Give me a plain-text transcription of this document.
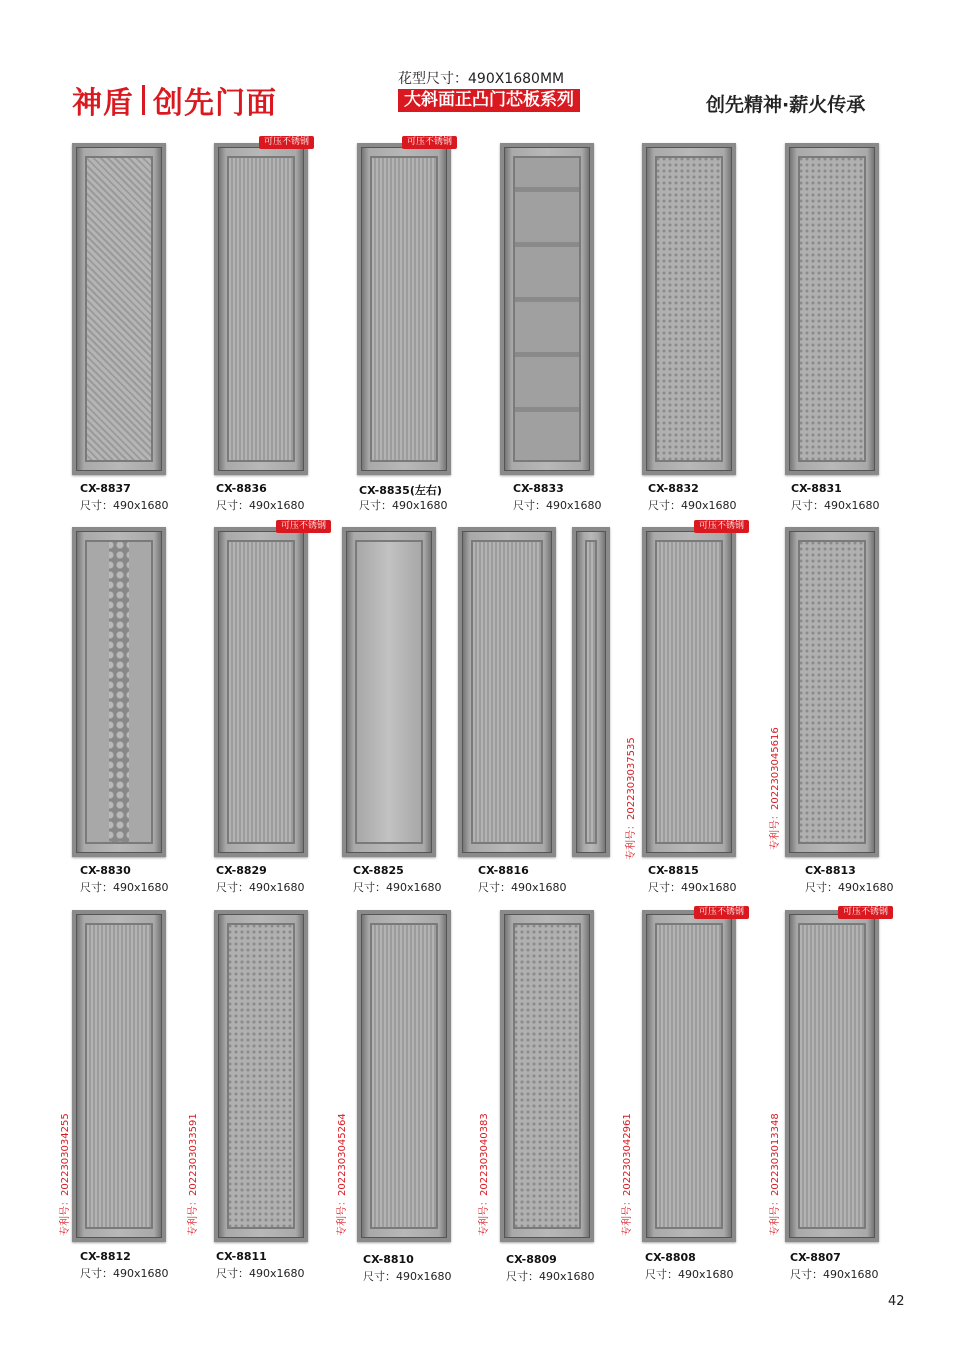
神盾 创先门面
花型尺寸：490X1680MM
大斜面正凸门芯板系列	创先精神·薪火传承
CX-8837
尺寸：490x1680
可压不锈钢
CX-8836
尺寸：490x1680
可压不锈钢
CX-8835(左右)
尺寸：490x1680
CX-8833
尺寸：490x1680
CX-8832
尺寸：490x1680
CX-8831
尺寸：490x1680
CX-8830
尺寸：490x1680
可压不锈钢
CX-8829
尺寸：490x1680
CX-8825
尺寸：490x1680
专利号：2022303037535
CX-8816
尺寸：490x1680
可压不锈钢
专利号：2022303045616
CX-8815
尺寸：490x1680
CX-8813
尺寸：490x1680
专利号：2022303034255
CX-8812
尺寸：490x1680
专利号：2022303033591
CX-8811
尺寸：490x1680
专利号：2022303045264
CX-8810
尺寸：490x1680
专利号：2022303040383
CX-8809
尺寸：490x1680
专利号：2022303042961
可压不锈钢
CX-8808
尺寸：490x1680
专利号：2022303013348
可压不锈钢
CX-8807
尺寸：490x1680
42
